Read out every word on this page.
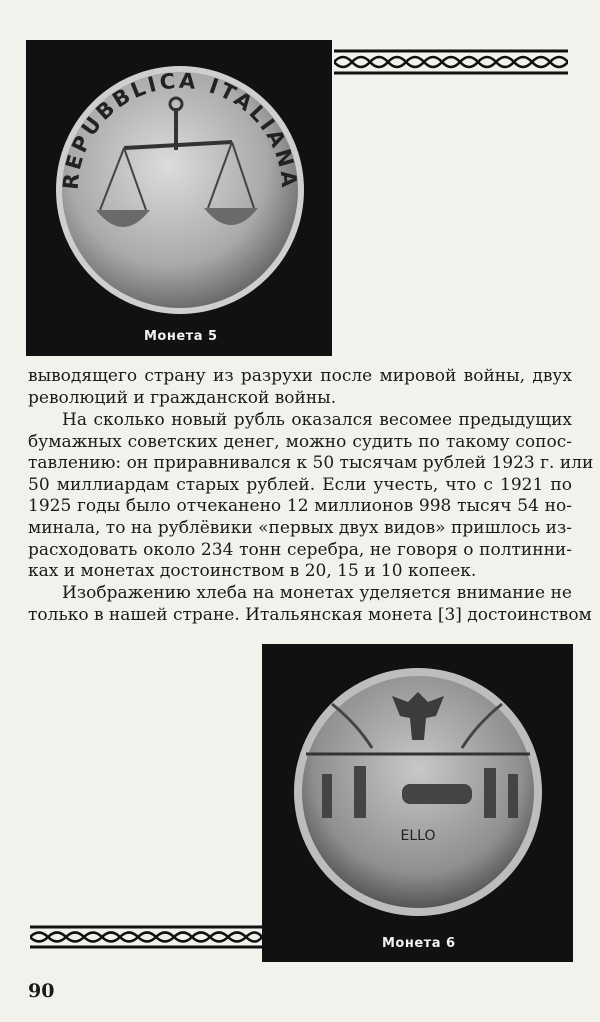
REPUBBLICA ITALIANA
Монета 5
выводящего страну из разрухи после мировой войны, двух
революций и гражданской войны.
На сколько новый рубль оказался весомее предыдущих
бумажных советских денег, можно судить по такому сопос-
тавлению: он приравнивался к 50 тысячам рублей 1923 г. или
50 миллиардам старых рублей. Если учесть, что с 1921 по
1925 годы было отчеканено 12 миллионов 998 тысяч 54 но-
минала, то на рублёвики «первых двух видов» пришлось из-
расходовать около 234 тонн серебра, не говоря о полтинни-
ках и монетах достоинством в 20, 15 и 10 копеек.
Изображению хлеба на монетах уделяется внимание не
только в нашей стране. Итальянская монета [3] достоинством
ELLO
Монета 6
90
